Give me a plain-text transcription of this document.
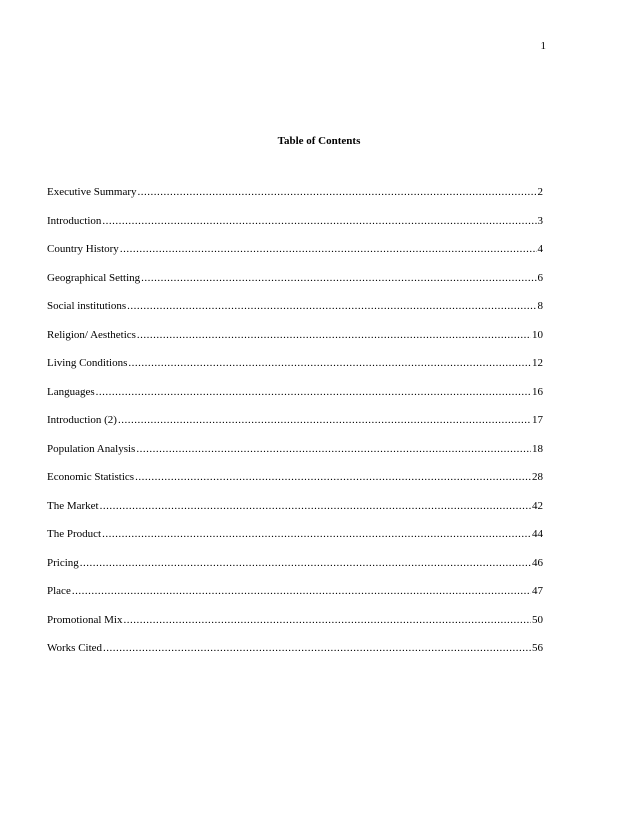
1
Table of Contents
Executive Summary .....	2
Introduction .....	3
Country History .....	4
Geographical Setting .....	6
Social institutions .....	8
Religion/ Aesthetics .....	10
Living Conditions .....	12
Languages .....	16
Introduction (2) .....	17
Population Analysis .....	18
Economic Statistics .....	28
The Market .....	42
The Product .....	44
Pricing .....	46
Place .....	47
Promotional Mix .....	50
Works Cited .....	56
